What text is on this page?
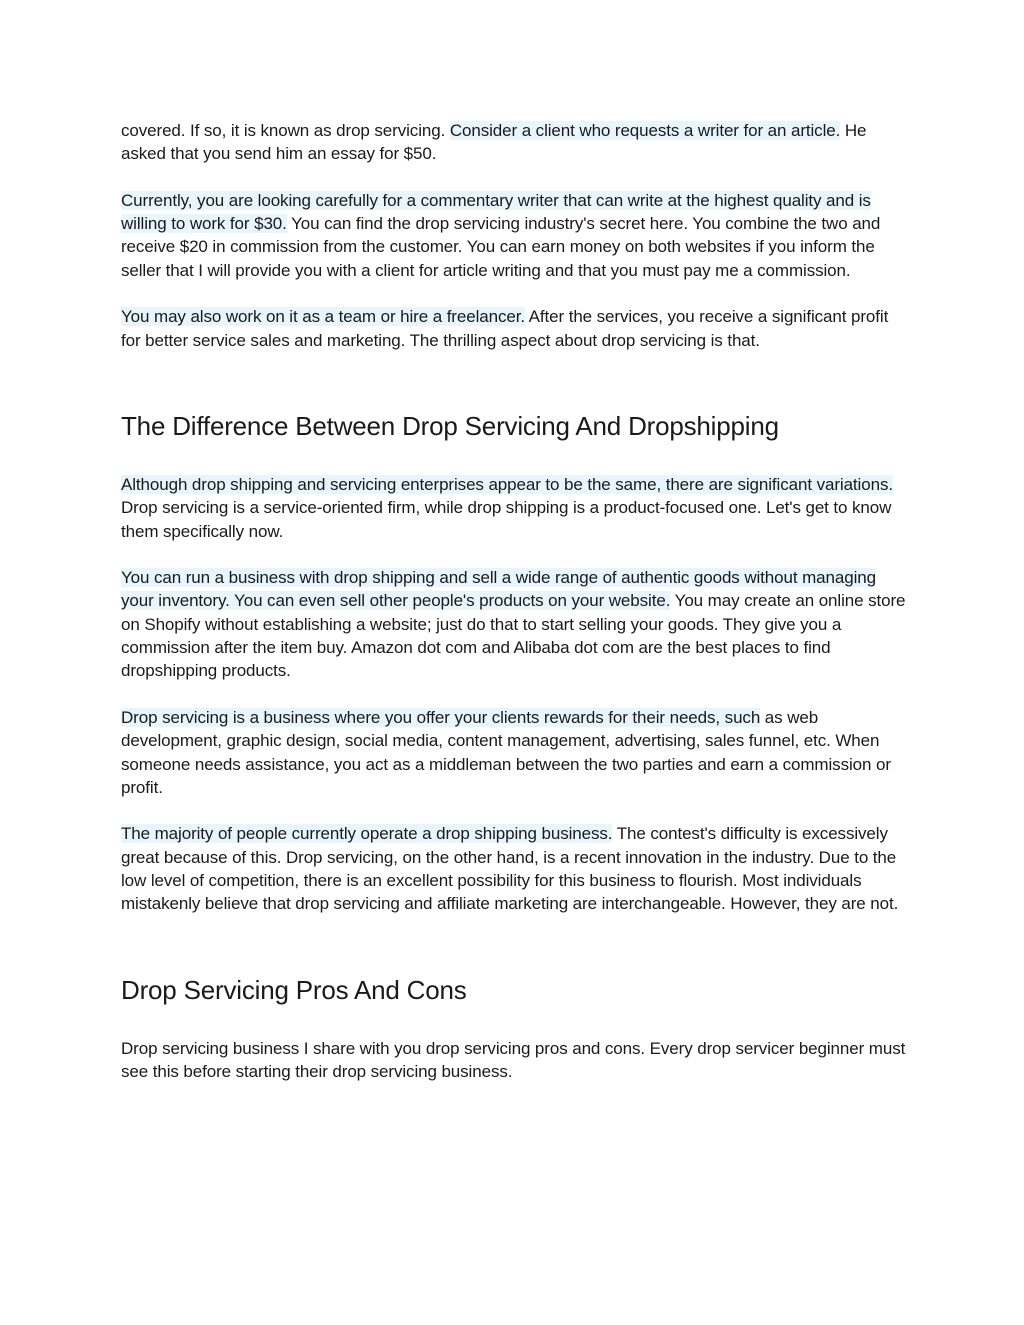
covered. If so, it is known as drop servicing. Consider a client who requests a writer for an article. He asked that you send him an essay for $50.

Currently, you are looking carefully for a commentary writer that can write at the highest quality and is willing to work for $30. You can find the drop servicing industry's secret here. You combine the two and receive $20 in commission from the customer. You can earn money on both websites if you inform the seller that I will provide you with a client for article writing and that you must pay me a commission.

You may also work on it as a team or hire a freelancer. After the services, you receive a significant profit for better service sales and marketing. The thrilling aspect about drop servicing is that.

The Difference Between Drop Servicing And Dropshipping

Although drop shipping and servicing enterprises appear to be the same, there are significant variations. Drop servicing is a service-oriented firm, while drop shipping is a product-focused one. Let's get to know them specifically now.

You can run a business with drop shipping and sell a wide range of authentic goods without managing your inventory. You can even sell other people's products on your website. You may create an online store on Shopify without establishing a website; just do that to start selling your goods. They give you a commission after the item buy. Amazon dot com and Alibaba dot com are the best places to find dropshipping products.

Drop servicing is a business where you offer your clients rewards for their needs, such as web development, graphic design, social media, content management, advertising, sales funnel, etc. When someone needs assistance, you act as a middleman between the two parties and earn a commission or profit.

The majority of people currently operate a drop shipping business. The contest's difficulty is excessively great because of this. Drop servicing, on the other hand, is a recent innovation in the industry. Due to the low level of competition, there is an excellent possibility for this business to flourish. Most individuals mistakenly believe that drop servicing and affiliate marketing are interchangeable. However, they are not.

Drop Servicing Pros And Cons

Drop servicing business I share with you drop servicing pros and cons. Every drop servicer beginner must see this before starting their drop servicing business.
